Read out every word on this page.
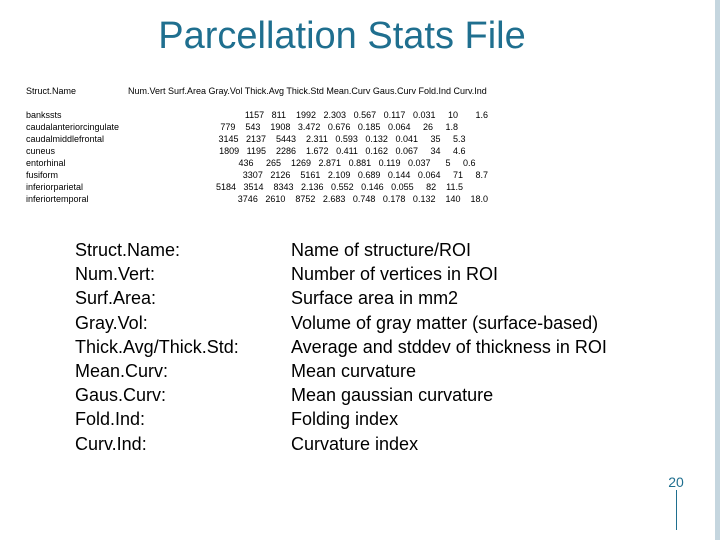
Parcellation Stats File
Struct.Name	Num.Vert Surf.Area Gray.Vol Thick.Avg Thick.Std Mean.Curv Gaus.Curv Fold.Ind Curv.Ind
bankssts
caudalanteriorcingulate
caudalmiddlefrontal
cuneus
entorhinal
fusiform
inferiorparietal
inferiortemporal
1157   811    1992   2.303   0.567   0.117   0.031     10       1.6
779    543    1908   3.472   0.676   0.185   0.064     26     1.8
3145   2137    5443    2.311   0.593   0.132   0.041     35     5.3
1809   1195    2286    1.672   0.411   0.162   0.067     34     4.6
436     265    1269   2.871   0.881   0.119   0.037      5     0.6
3307   2126    5161   2.109   0.689   0.144   0.064     71     8.7
5184   3514    8343   2.136   0.552   0.146   0.055     82    11.5
3746   2610    8752   2.683   0.748   0.178   0.132    140    18.0
Struct.Name:
Num.Vert:
Surf.Area:
Gray.Vol:
Thick.Avg/Thick.Std:
Mean.Curv:
Gaus.Curv:
Fold.Ind:
Curv.Ind:
Name of structure/ROI
Number of vertices in ROI
Surface area in mm2
Volume of gray matter (surface-based)
Average and stddev of thickness in ROI
Mean curvature
Mean gaussian curvature
Folding index
Curvature index
20
